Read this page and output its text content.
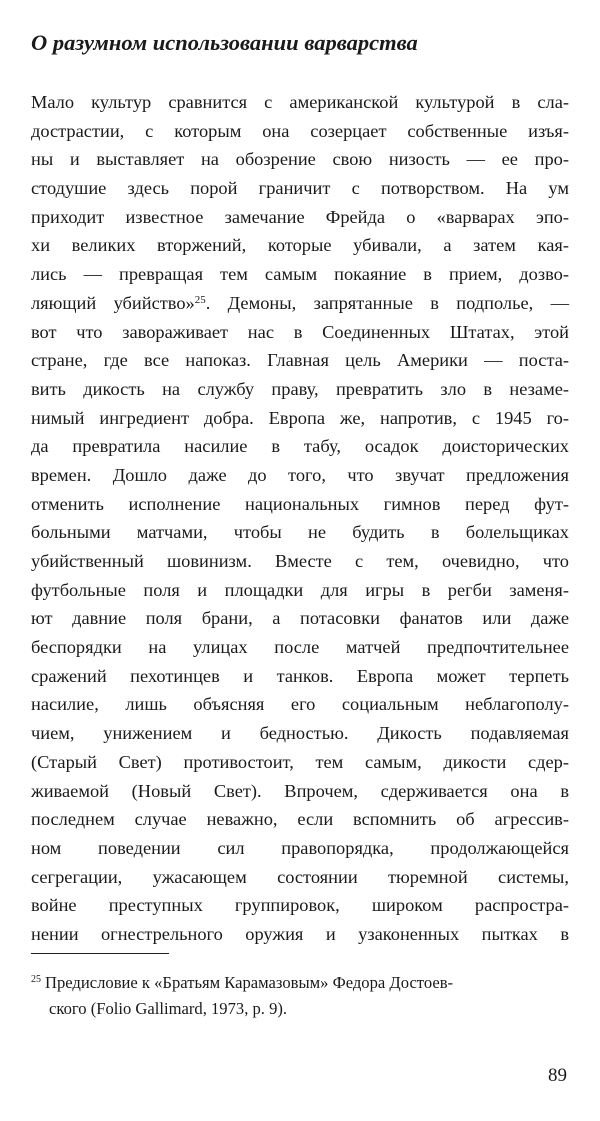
О разумном использовании варварства
Мало культур сравнится с американской культурой в сла-
дострастии, с которым она созерцает собственные изъя-
ны и выставляет на обозрение свою низость — ее про-
стодушие здесь порой граничит с потворством. На ум
приходит известное замечание Фрейда о «варварах эпо-
хи великих вторжений, которые убивали, а затем кая-
лись — превращая тем самым покаяние в прием, дозво-
ляющий убийство»$^{25}$. Демоны, запрятанные в подполье, —
вот что завораживает нас в Соединенных Штатах, этой
стране, где все напоказ. Главная цель Америки — поста-
вить дикость на службу праву, превратить зло в незаме-
нимый ингредиент добра. Европа же, напротив, с 1945 го-
да превратила насилие в табу, осадок доисторических
времен. Дошло даже до того, что звучат предложения
отменить исполнение национальных гимнов перед фут-
больными матчами, чтобы не будить в болельщиках
убийственный шовинизм. Вместе с тем, очевидно, что
футбольные поля и площадки для игры в регби заменя-
ют давние поля брани, а потасовки фанатов или даже
беспорядки на улицах после матчей предпочтительнее
сражений пехотинцев и танков. Европа может терпеть
насилие, лишь объясняя его социальным неблагополу-
чием, унижением и бедностью. Дикость подавляемая
(Старый Свет) противостоит, тем самым, дикости сдер-
живаемой (Новый Свет). Впрочем, сдерживается она в
последнем случае неважно, если вспомнить об агрессив-
ном поведении сил правопорядка, продолжающейся
сегрегации, ужасающем состоянии тюремной системы,
войне преступных группировок, широком распростра-
нении огнестрельного оружия и узаконенных пытках в
$^{25}$ Предисловие к «Братьям Карамазовым» Федора Достоев-
ского (Folio Gallimard, 1973, p. 9).
89
